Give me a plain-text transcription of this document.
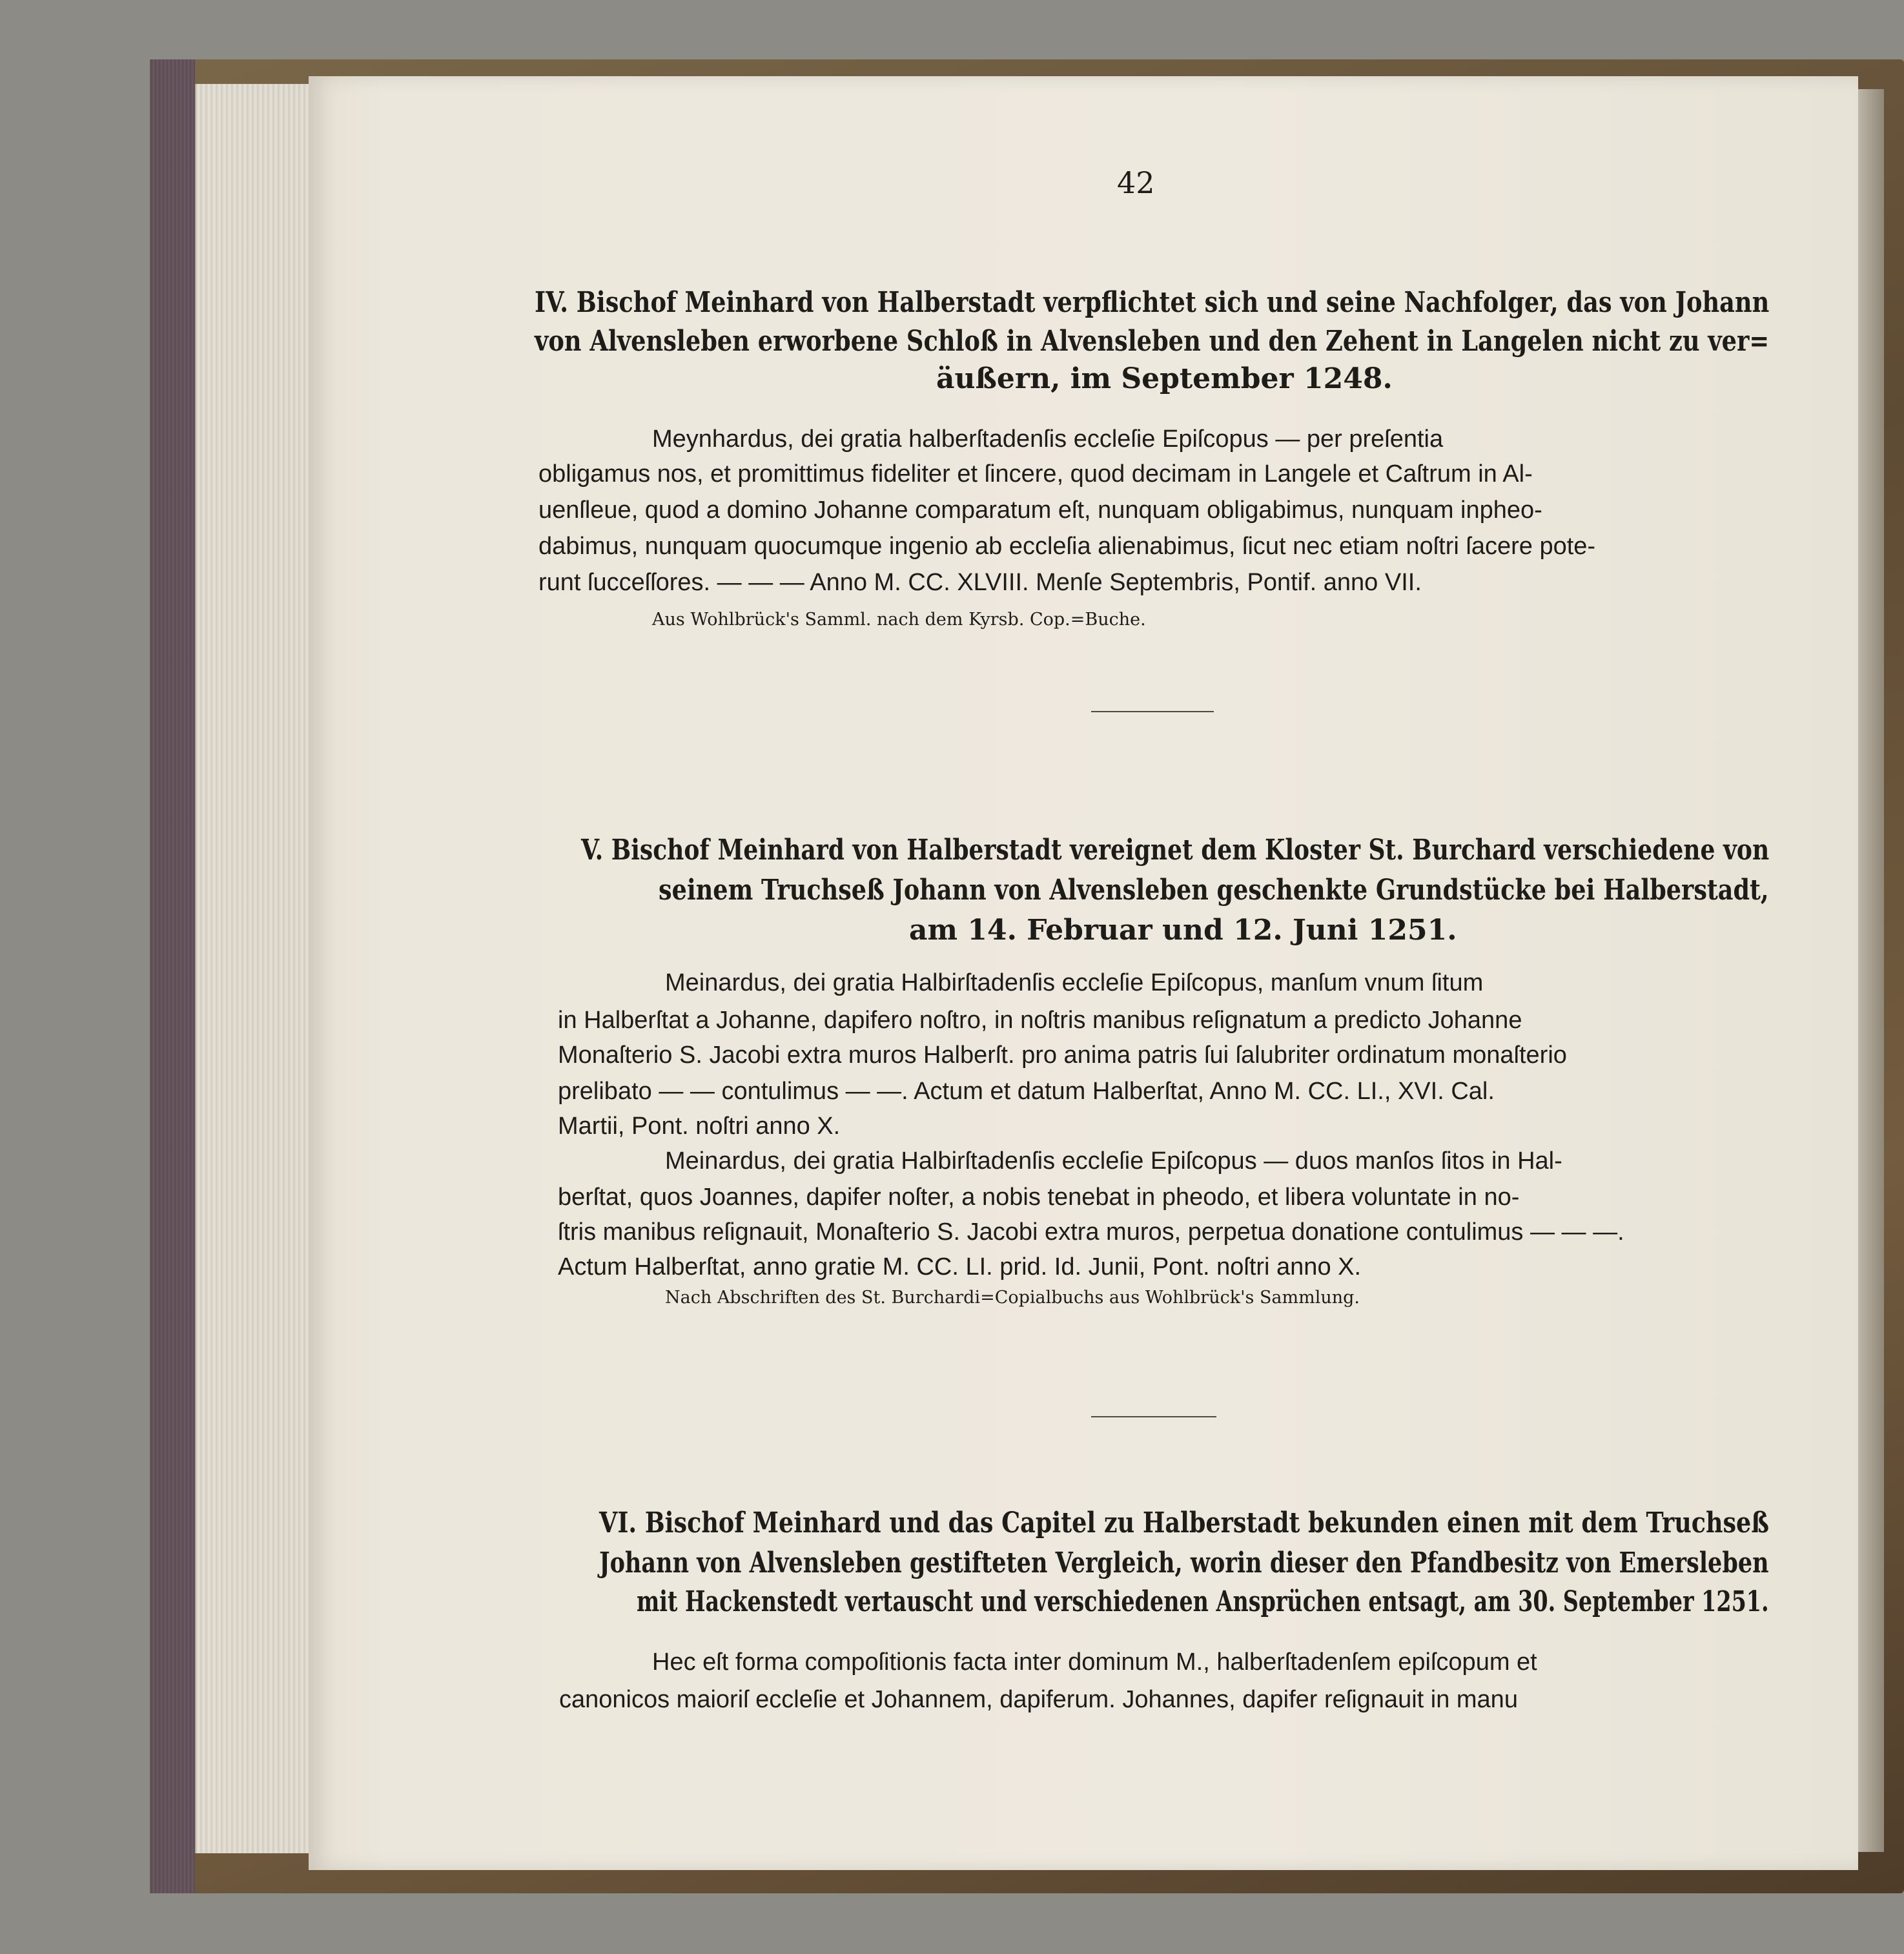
42
IV. Bischof Meinhard von Halberstadt verpflichtet sich und seine Nachfolger, das von Johann
von Alvensleben erworbene Schloß in Alvensleben und den Zehent in Langelen nicht zu ver=
äußern, im September 1248.
Meynhardus, dei gratia halberſtadenſis eccleſie Epiſcopus — per preſentia
obligamus nos, et promittimus fideliter et ſincere, quod decimam in Langele et Caſtrum in Al-
uenſleue, quod a domino Johanne comparatum eſt, nunquam obligabimus, nunquam inpheo-
dabimus, nunquam quocumque ingenio ab eccleſia alienabimus, ſicut nec etiam noſtri ſacere pote-
runt ſucceſſores. — — — Anno M. CC. XLVIII. Menſe Septembris, Pontif. anno VII.
Aus Wohlbrück's Samml. nach dem Kyrsb. Cop.=Buche.
V. Bischof Meinhard von Halberstadt vereignet dem Kloster St. Burchard verschiedene von
seinem Truchseß Johann von Alvensleben geschenkte Grundstücke bei Halberstadt,
am 14. Februar und 12. Juni 1251.
Meinardus, dei gratia Halbirſtadenſis eccleſie Epiſcopus, manſum vnum ſitum
in Halberſtat a Johanne, dapifero noſtro, in noſtris manibus reſignatum a predicto Johanne
Monaſterio S. Jacobi extra muros Halberſt. pro anima patris ſui ſalubriter ordinatum monaſterio
prelibato — — contulimus — —. Actum et datum Halberſtat, Anno M. CC. LI., XVI. Cal.
Martii, Pont. noſtri anno X.
Meinardus, dei gratia Halbirſtadenſis eccleſie Epiſcopus — duos manſos ſitos in Hal-
berſtat, quos Joannes, dapifer noſter, a nobis tenebat in pheodo, et libera voluntate in no-
ſtris manibus reſignauit, Monaſterio S. Jacobi extra muros, perpetua donatione contulimus — — —.
Actum Halberſtat, anno gratie M. CC. LI. prid. Id. Junii, Pont. noſtri anno X.
Nach Abschriften des St. Burchardi=Copialbuchs aus Wohlbrück's Sammlung.
VI. Bischof Meinhard und das Capitel zu Halberstadt bekunden einen mit dem Truchseß
Johann von Alvensleben gestifteten Vergleich, worin dieser den Pfandbesitz von Emersleben
mit Hackenstedt vertauscht und verschiedenen Ansprüchen entsagt, am 30. September 1251.
Hec eſt forma compoſitionis facta inter dominum M., halberſtadenſem epiſcopum et
canonicos maioriſ eccleſie et Johannem, dapiferum. Johannes, dapifer reſignauit in manu
